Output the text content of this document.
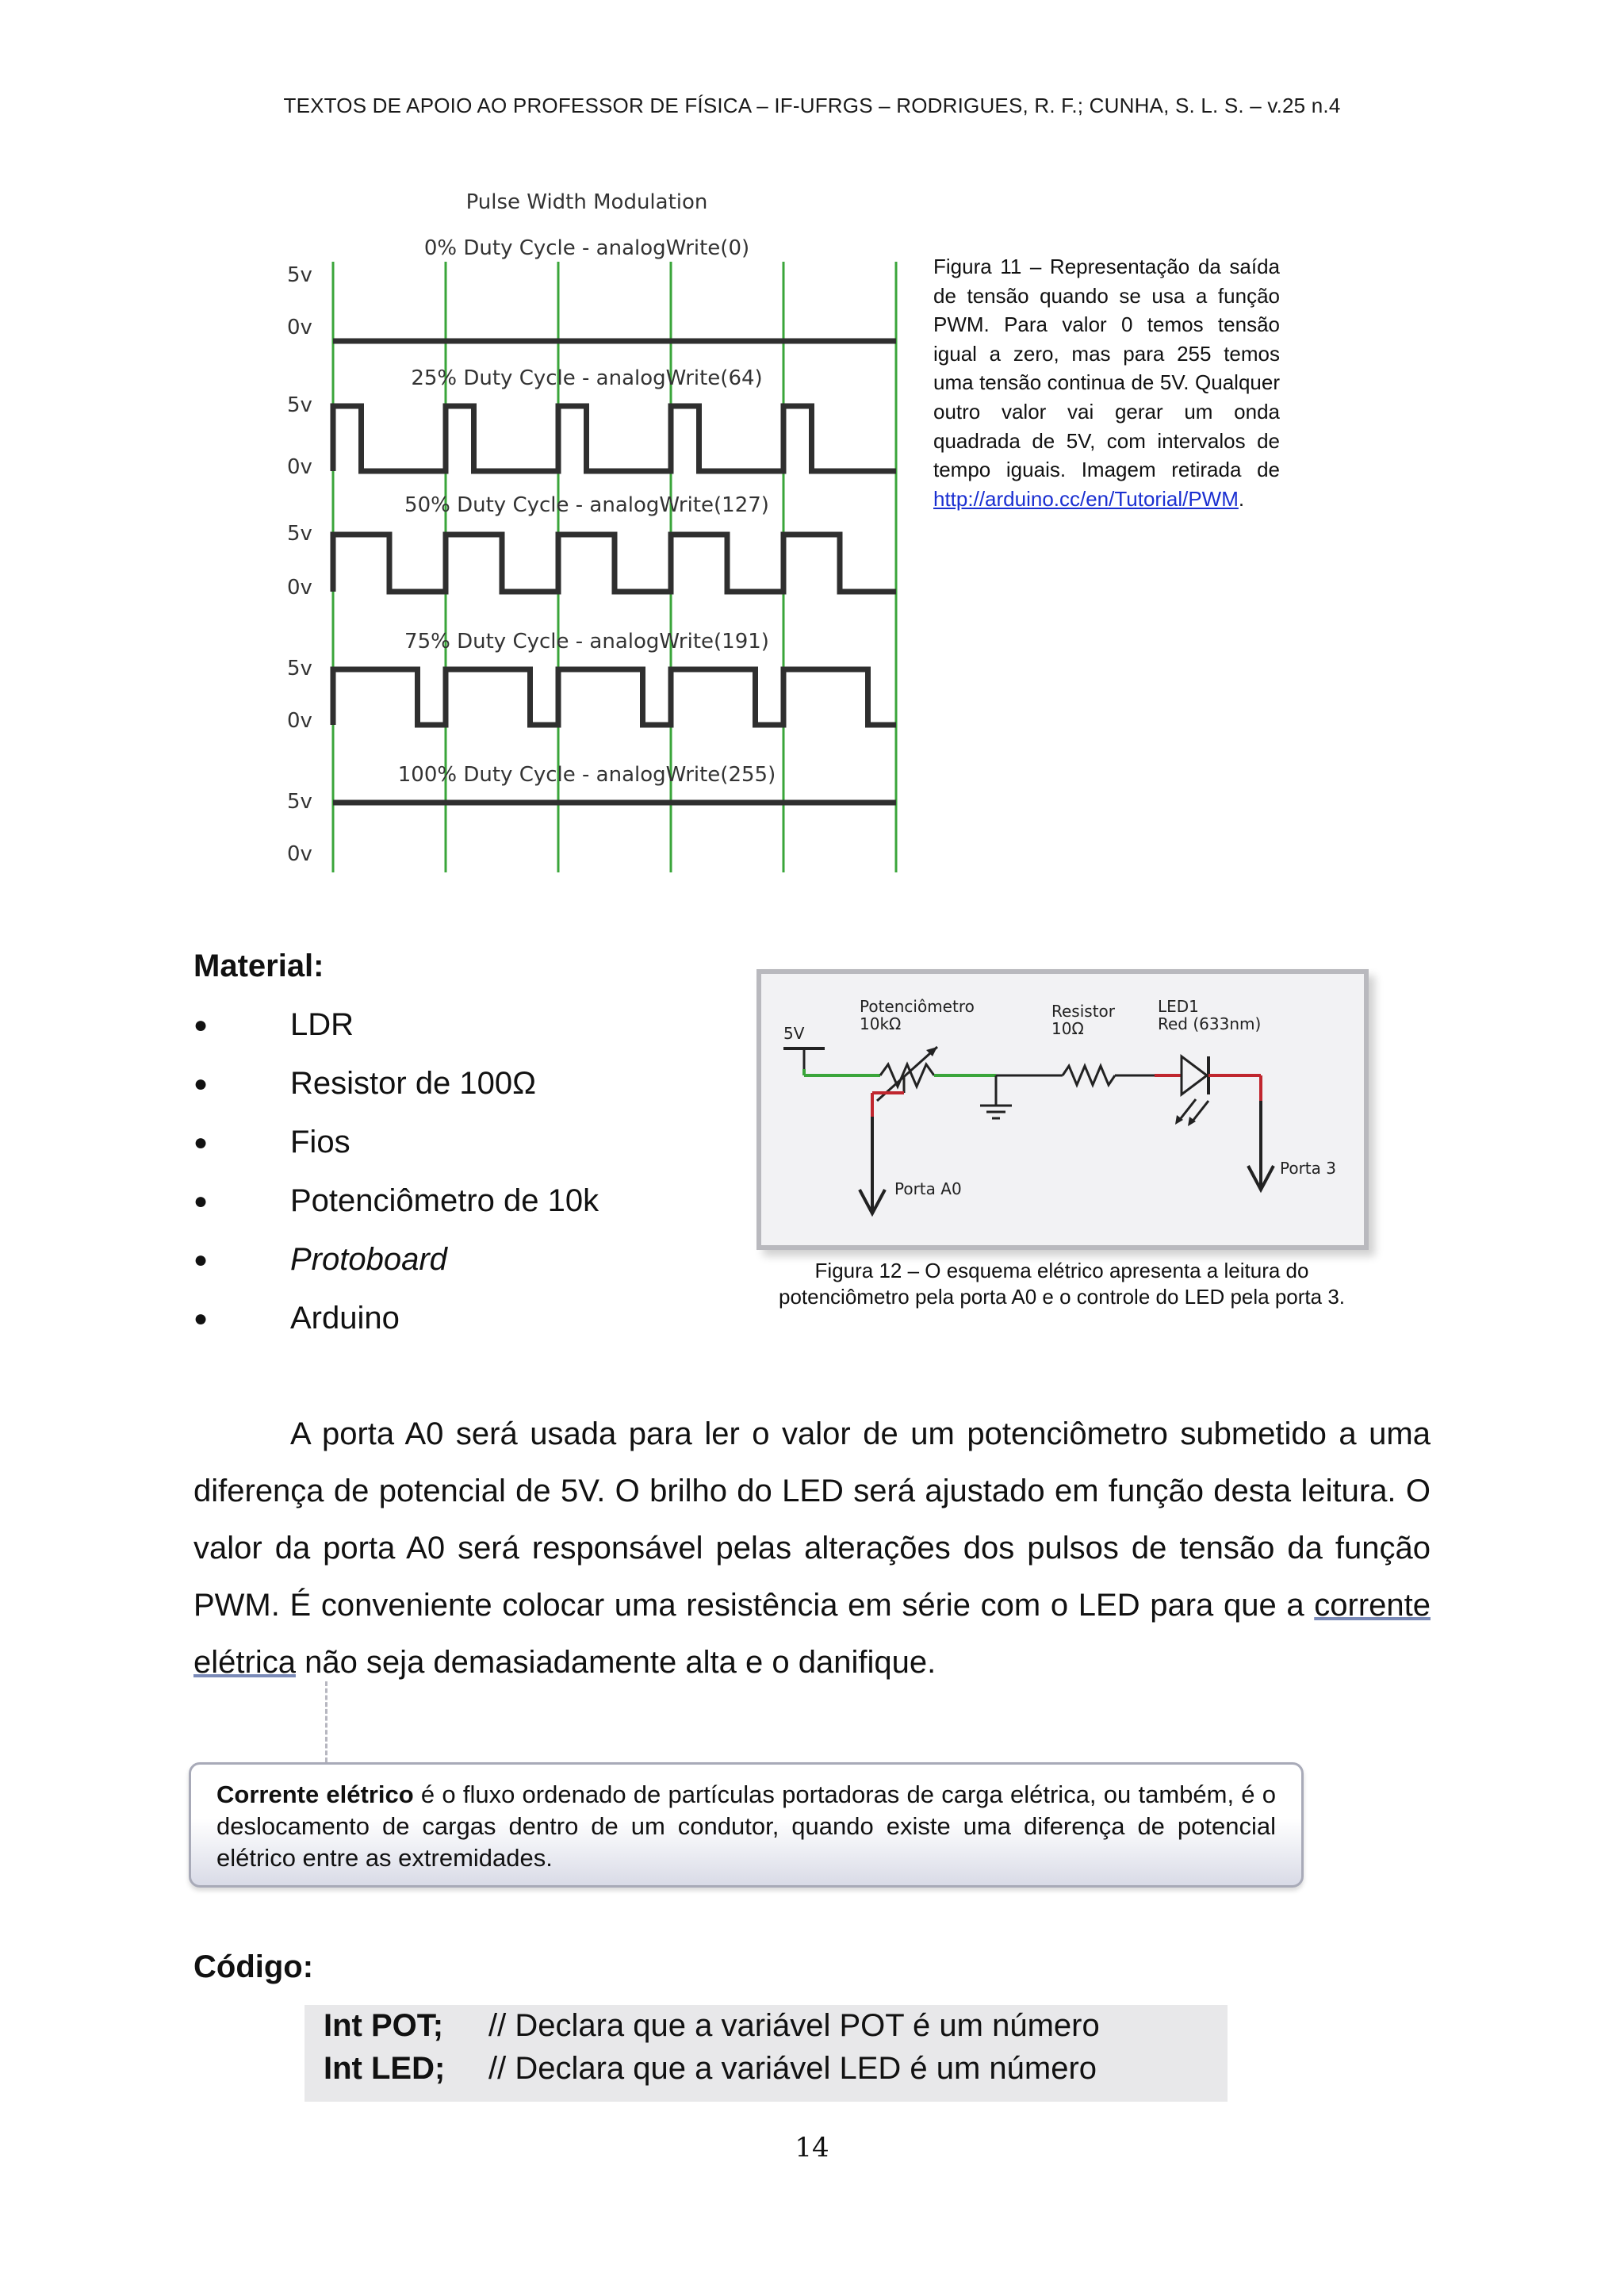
TEXTOS DE APOIO AO PROFESSOR DE FÍSICA – IF-UFRGS – RODRIGUES, R. F.; CUNHA, S. L. S. – v.25 n.4
Pulse Width Modulation
0% Duty Cycle - analogWrite(0)
5v
0v
25% Duty Cycle - analogWrite(64)
5v
0v
50% Duty Cycle - analogWrite(127)
5v
0v
75% Duty Cycle - analogWrite(191)
5v
0v
100% Duty Cycle - analogWrite(255)
5v
0v
Figura 11 – Representação da saída de tensão quando se usa a função PWM. Para valor 0 temos tensão igual a zero, mas para 255 temos uma tensão continua de 5V. Qualquer outro valor vai gerar um onda quadrada de 5V, com intervalos de tempo iguais. Imagem retirada de http://arduino.cc/en/Tutorial/PWM.
Material:
●	LDR
●	Resistor de 100Ω
●	Fios
●	Potenciômetro de 10k
●	Protoboard
●	Arduino
5V
Potenciômetro
10kΩ
Resistor
10Ω
LED1
Red (633nm)
Porta A0
Porta 3
Figura 12 – O esquema elétrico apresenta a leitura do potenciômetro pela porta A0 e o controle do LED pela porta 3.
A porta A0 será usada para ler o valor de um potenciômetro submetido a uma diferença de potencial de 5V. O brilho do LED será ajustado em função desta leitura. O valor da porta A0 será responsável pelas alterações dos pulsos de tensão da função PWM. É conveniente colocar uma resistência em série com o LED para que a corrente elétrica não seja demasiadamente alta e o danifique.
Corrente elétrico é o fluxo ordenado de partículas portadoras de carga elétrica, ou também, é o deslocamento de cargas dentro de um condutor, quando existe uma diferença de potencial elétrico entre as extremidades.
Código:
Int POT; // Declara que a variável POT é um número
Int LED; // Declara que a variável LED é um número
14
